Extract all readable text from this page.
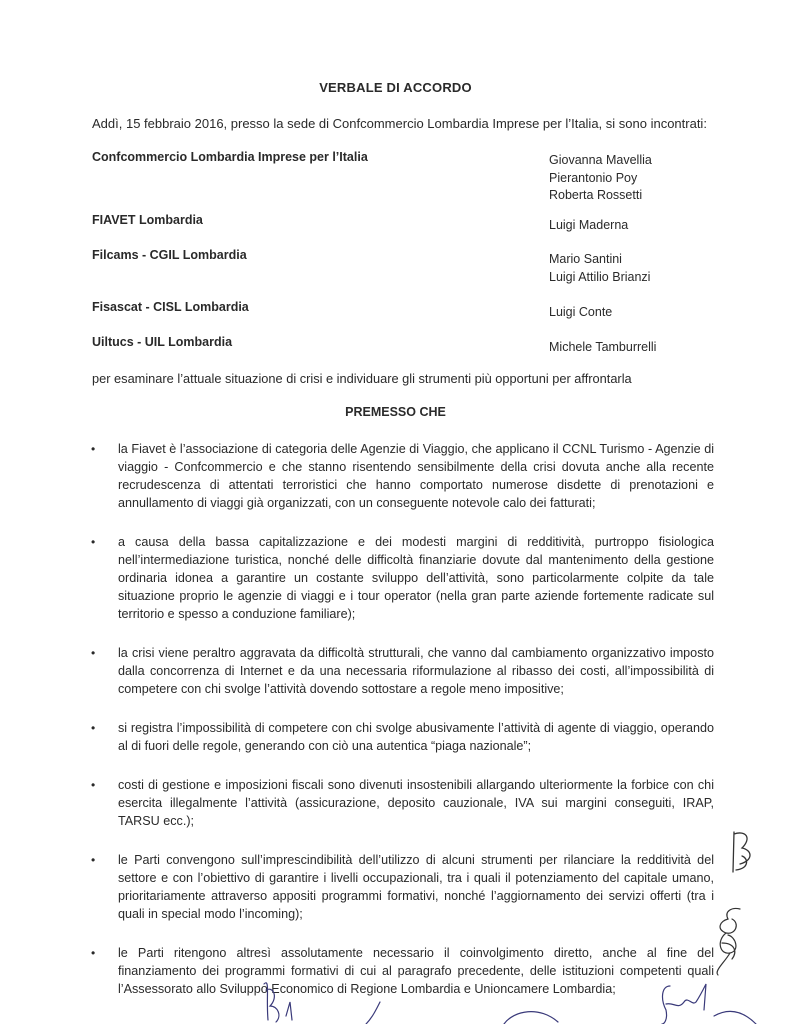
VERBALE DI ACCORDO
Addì, 15 febbraio 2016, presso la sede di Confcommercio Lombardia Imprese per l’Italia, si sono incontrati:
Confcommercio Lombardia Imprese per l’Italia	Giovanna Mavellia
Pierantonio Poy
Roberta Rossetti
FIAVET Lombardia	Luigi Maderna
Filcams - CGIL Lombardia	Mario Santini
Luigi Attilio Brianzi
Fisascat - CISL Lombardia	Luigi Conte
Uiltucs - UIL Lombardia	Michele Tamburrelli
per esaminare l’attuale situazione di crisi e individuare gli strumenti più opportuni per affrontarla
PREMESSO CHE
• la Fiavet è l’associazione di categoria delle Agenzie di Viaggio, che applicano il CCNL Turismo - Agenzie di viaggio - Confcommercio e che stanno risentendo sensibilmente della crisi dovuta anche alla recente recrudescenza di attentati terroristici che hanno comportato numerose disdette di prenotazioni e annullamento di viaggi già organizzati, con un conseguente notevole calo dei fatturati;
• a causa della bassa capitalizzazione e dei modesti margini di redditività, purtroppo fisiologica nell’intermediazione turistica, nonché delle difficoltà finanziarie dovute dal mantenimento della gestione ordinaria idonea a garantire un costante sviluppo dell’attività, sono particolarmente colpite da tale situazione proprio le agenzie di viaggi e i tour operator (nella gran parte aziende fortemente radicate sul territorio e spesso a conduzione familiare);
• la crisi viene peraltro aggravata da difficoltà strutturali, che vanno dal cambiamento organizzativo imposto dalla concorrenza di Internet e da una necessaria riformulazione al ribasso dei costi, all’impossibilità di competere con chi svolge l’attività dovendo sottostare a regole meno impositive;
• si registra l’impossibilità di competere con chi svolge abusivamente l’attività di agente di viaggio, operando al di fuori delle regole, generando con ciò una autentica “piaga nazionale”;
• costi di gestione e imposizioni fiscali sono divenuti insostenibili allargando ulteriormente la forbice con chi esercita illegalmente l’attività (assicurazione, deposito cauzionale, IVA sui margini conseguiti, IRAP, TARSU ecc.);
• le Parti convengono sull’imprescindibilità dell’utilizzo di alcuni strumenti per rilanciare la redditività del settore e con l’obiettivo di garantire i livelli occupazionali, tra i quali il potenziamento del capitale umano, prioritariamente attraverso appositi programmi formativi, nonché l’aggiornamento dei servizi offerti (tra i quali in special modo l’incoming);
• le Parti ritengono altresì assolutamente necessario il coinvolgimento diretto, anche al fine del finanziamento dei programmi formativi di cui al paragrafo precedente, delle istituzioni competenti quali l’Assessorato allo Sviluppo Economico di Regione Lombardia e Unioncamere Lombardia;
